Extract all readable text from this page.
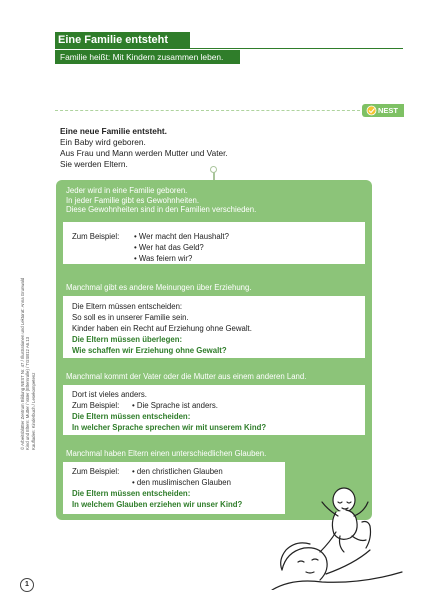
Eine Familie entsteht
Familie heißt: Mit Kindern zusammen leben.
NEST
Eine neue Familie entsteht.
Ein Baby wird geboren.
Aus Frau und Mann werden Mutter und Vater.
Sie werden Eltern.
Jeder wird in eine Familie geboren.
In jeder Familie gibt es Gewohnheiten.
Diese Gewohnheiten sind in den Familien verschieden.
Zum Beispiel: • Wer macht den Haushalt?
• Wer hat das Geld?
• Was feiern wir?
Manchmal gibt es andere Meinungen über Erziehung.
Die Eltern müssen entscheiden:
So soll es in unserer Familie sein.
Kinder haben ein Recht auf Erziehung ohne Gewalt.
Die Eltern müssen überlegen:
Wie schaffen wir Erziehung ohne Gewalt?
Manchmal kommt der Vater oder die Mutter aus einem anderen Land.
Dort ist vieles anders.
Zum Beispiel: • Die Sprache ist anders.
Die Eltern müssen entscheiden:
In welcher Sprache sprechen wir mit unserem Kind?
Manchmal haben Eltern einen unterschiedlichen Glauben.
Zum Beispiel: • den christlichen Glauben
• den muslimischen Glauben
Die Eltern müssen entscheiden:
In welchem Glauben erziehen wir unser Kind?
© Arbeitsblätter Zentrum Bildung NEST Nr. 47 / Illustrationen und Lektorat: Anna Grunwald Kind und Eltern: Mutter / Vater (Elternrolle) / TGSB12 A6.13 Kaufladen: Kinderbuch / Lesekompetenz
1
